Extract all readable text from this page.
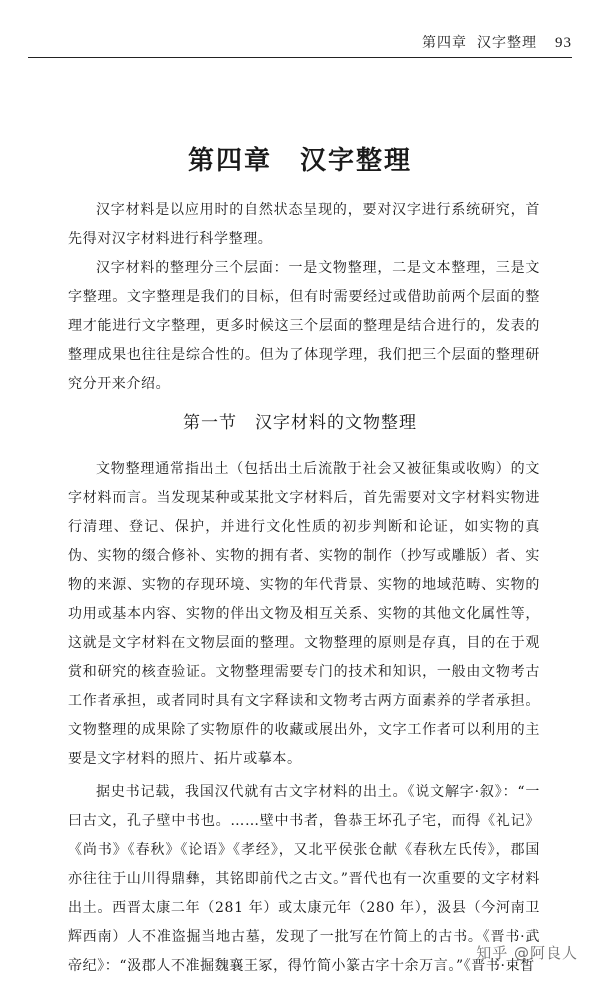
第四章 汉字整理 93
第四章　汉字整理

汉字材料是以应用时的自然状态呈现的，要对汉字进行系统研究，首先得对汉字材料进行科学整理。

汉字材料的整理分三个层面：一是文物整理，二是文本整理，三是文字整理。文字整理是我们的目标，但有时需要经过或借助前两个层面的整理才能进行文字整理，更多时候这三个层面的整理是结合进行的，发表的整理成果也往往是综合性的。但为了体现学理，我们把三个层面的整理研究分开来介绍。

第一节　汉字材料的文物整理

文物整理通常指出土（包括出土后流散于社会又被征集或收购）的文字材料而言。当发现某种或某批文字材料后，首先需要对文字材料实物进行清理、登记、保护，并进行文化性质的初步判断和论证，如实物的真伪、实物的缀合修补、实物的拥有者、实物的制作（抄写或雕版）者、实物的来源、实物的存现环境、实物的年代背景、实物的地域范畴、实物的功用或基本内容、实物的伴出文物及相互关系、实物的其他文化属性等，这就是文字材料在文物层面的整理。文物整理的原则是存真，目的在于观赏和研究的核查验证。文物整理需要专门的技术和知识，一般由文物考古工作者承担，或者同时具有文字释读和文物考古两方面素养的学者承担。文物整理的成果除了实物原件的收藏或展出外，文字工作者可以利用的主要是文字材料的照片、拓片或摹本。

据史书记载，我国汉代就有古文字材料的出土。《说文解字·叙》：“一曰古文，孔子壁中书也。……壁中书者，鲁恭王坏孔子宅，而得《礼记》《尚书》《春秋》《论语》《孝经》，又北平侯张仓献《春秋左氏传》，郡国亦往往于山川得鼎彝，其铭即前代之古文。”晋代也有一次重要的文字材料出土。西晋太康二年（281 年）或太康元年（280 年），汲县（今河南卫辉西南）人不准盗掘当地古墓，发现了一批写在竹简上的古书。《晋书·武帝纪》：“汲郡人不准掘魏襄王冢，得竹简小篆古字十余万言。”《晋书·束皙

知乎 @阿良人
